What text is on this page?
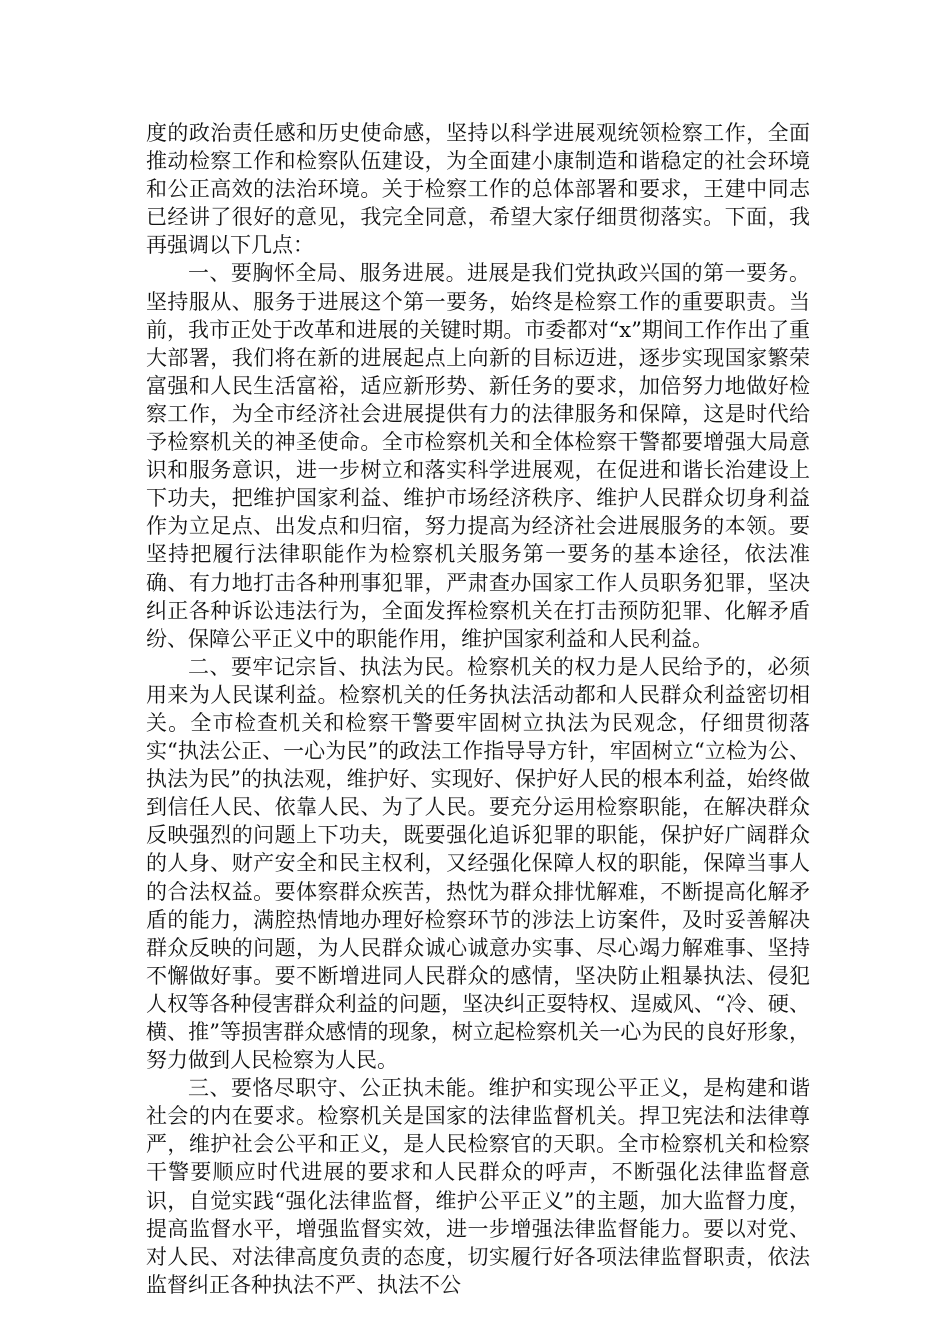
度的政治责任感和历史使命感，坚持以科学进展观统领检察工作，全面推动检察工作和检察队伍建设，为全面建小康制造和谐稳定的社会环境和公正高效的法治环境。关于检察工作的总体部署和要求，王建中同志已经讲了很好的意见，我完全同意，希望大家仔细贯彻落实。下面，我再强调以下几点：

一、要胸怀全局、服务进展。进展是我们党执政兴国的第一要务。坚持服从、服务于进展这个第一要务，始终是检察工作的重要职责。当前，我市正处于改革和进展的关键时期。市委都对“x”期间工作作出了重大部署，我们将在新的进展起点上向新的目标迈进，逐步实现国家繁荣富强和人民生活富裕，适应新形势、新任务的要求，加倍努力地做好检察工作，为全市经济社会进展提供有力的法律服务和保障，这是时代给予检察机关的神圣使命。全市检察机关和全体检察干警都要增强大局意识和服务意识，进一步树立和落实科学进展观，在促进和谐长治建设上下功夫，把维护国家利益、维护市场经济秩序、维护人民群众切身利益作为立足点、出发点和归宿，努力提高为经济社会进展服务的本领。要坚持把履行法律职能作为检察机关服务第一要务的基本途径，依法准确、有力地打击各种刑事犯罪，严肃查办国家工作人员职务犯罪，坚决纠正各种诉讼违法行为，全面发挥检察机关在打击预防犯罪、化解矛盾纷、保障公平正义中的职能作用，维护国家利益和人民利益。

二、要牢记宗旨、执法为民。检察机关的权力是人民给予的，必须用来为人民谋利益。检察机关的任务执法活动都和人民群众利益密切相关。全市检查机关和检察干警要牢固树立执法为民观念，仔细贯彻落实“执法公正、一心为民”的政法工作指导导方针，牢固树立“立检为公、执法为民”的执法观，维护好、实现好、保护好人民的根本利益，始终做到信任人民、依靠人民、为了人民。要充分运用检察职能，在解决群众反映强烈的问题上下功夫，既要强化追诉犯罪的职能，保护好广阔群众的人身、财产安全和民主权利，又经强化保障人权的职能，保障当事人的合法权益。要体察群众疾苦，热忱为群众排忧解难，不断提高化解矛盾的能力，满腔热情地办理好检察环节的涉法上访案件，及时妥善解决群众反映的问题，为人民群众诚心诚意办实事、尽心竭力解难事、坚持不懈做好事。要不断增进同人民群众的感情，坚决防止粗暴执法、侵犯人权等各种侵害群众利益的问题，坚决纠正耍特权、逞威风、“冷、硬、横、推”等损害群众感情的现象，树立起检察机关一心为民的良好形象，努力做到人民检察为人民。

三、要恪尽职守、公正执未能。维护和实现公平正义，是构建和谐社会的内在要求。检察机关是国家的法律监督机关。捍卫宪法和法律尊严，维护社会公平和正义，是人民检察官的天职。全市检察机关和检察干警要顺应时代进展的要求和人民群众的呼声，不断强化法律监督意识，自觉实践“强化法律监督，维护公平正义”的主题，加大监督力度，提高监督水平，增强监督实效，进一步增强法律监督能力。要以对党、对人民、对法律高度负责的态度，切实履行好各项法律监督职责，依法监督纠正各种执法不严、执法不公
